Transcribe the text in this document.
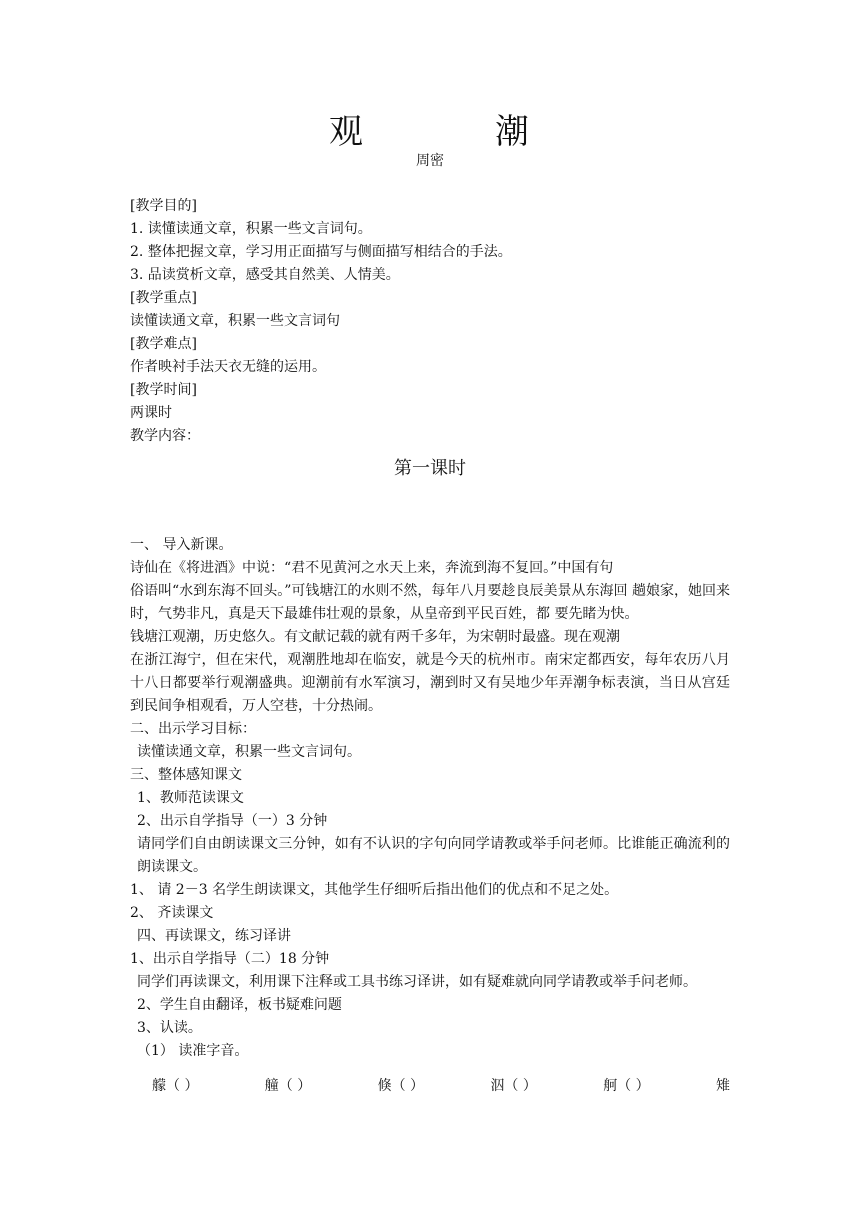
观	潮
周密
[教学目的]
1. 读懂读通文章，积累一些文言词句。
2. 整体把握文章，学习用正面描写与侧面描写相结合的手法。
3. 品读赏析文章，感受其自然美、人情美。
[教学重点]
读懂读通文章，积累一些文言词句
[教学难点]
作者映衬手法天衣无缝的运用。
[教学时间]
两课时
教学内容：
第一课时
一、 导入新课。
诗仙在《将进酒》中说：“君不见黄河之水天上来，奔流到海不复回。”中国有句
俗语叫“水到东海不回头。”可钱塘江的水则不然，每年八月要趁良辰美景从东海回 趟娘家，她回来时，气势非凡，真是天下最雄伟壮观的景象，从皇帝到平民百姓，都 要先睹为快。
钱塘江观潮，历史悠久。有文献记载的就有两千多年，为宋朝时最盛。现在观潮
在浙江海宁，但在宋代，观潮胜地却在临安，就是今天的杭州市。南宋定都西安，每年农历八月十八日都要举行观潮盛典。迎潮前有水军演习，潮到时又有吴地少年弄潮争标表演，当日从宫廷到民间争相观看，万人空巷，十分热闹。
二、出示学习目标：
读懂读通文章，积累一些文言词句。
三、整体感知课文
1、教师范读课文
2、出示自学指导（一）3 分钟
请同学们自由朗读课文三分钟，如有不认识的字句向同学请教或举手问老师。比谁能正确流利的朗读课文。
1、 请 2－3 名学生朗读课文，其他学生仔细听后指出他们的优点和不足之处。
2、 齐读课文
四、再读课文，练习译讲
1、出示自学指导（二）18 分钟
同学们再读课文，利用课下注释或工具书练习译讲，如有疑难就向同学请教或举手问老师。
2、学生自由翻译，板书疑难问题
3、认读。
（1） 读准字音。
艨（ ）	艟（ ）	倏（ ）	泅（ ）	舸（ ）	雉
